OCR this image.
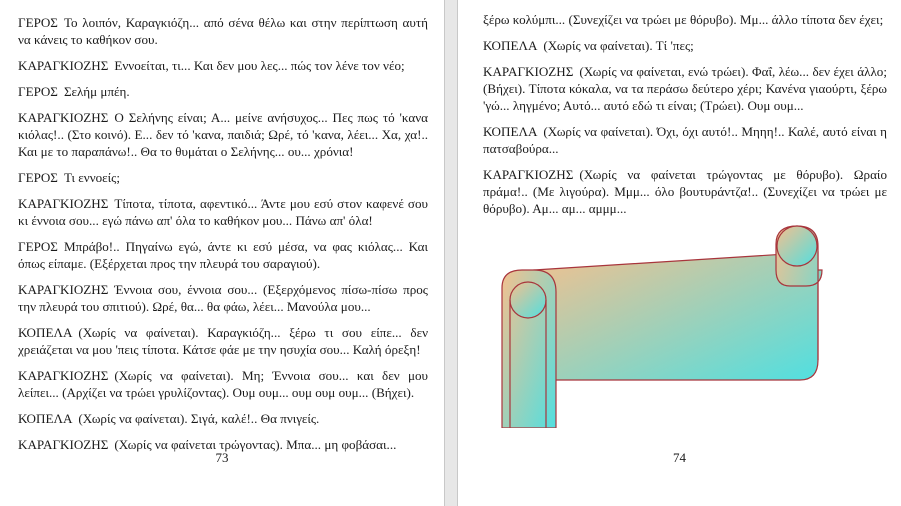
ΓΕΡΟΣ Το λοιπόν, Καραγκιόζη... από σένα θέλω και στην περίπτωση αυτή να κάνεις το καθήκον σου.

ΚΑΡΑΓΚΙΟΖΗΣ Εννοείται, τι... Και δεν μου λες... πώς τον λένε τον νέο;

ΓΕΡΟΣ Σελήμ μπέη.

ΚΑΡΑΓΚΙΟΖΗΣ Ο Σελήνης είναι; Α... μείνε ανήσυχος... Πες πως τό 'κανα κιόλας!.. (Στο κοινό). Ε... δεν τό 'κανα, παιδιά; Ωρέ, τό 'κανα, λέει... Χα, χα!.. Και με το παραπάνω!.. Θα το θυμάται ο Σελήνης... ου... χρόνια!

ΓΕΡΟΣ Τι εννοείς;

ΚΑΡΑΓΚΙΟΖΗΣ Τίποτα, τίποτα, αφεντικό... Άντε μου εσύ στον καφενέ σου κι έννοια σου... εγώ πάνω απ' όλα το καθήκον μου... Πάνω απ' όλα!

ΓΕΡΟΣ Μπράβο!.. Πηγαίνω εγώ, άντε κι εσύ μέσα, να φας κιόλας... Και όπως είπαμε. (Εξέρχεται προς την πλευρά του σαραγιού).

ΚΑΡΑΓΚΙΟΖΗΣ Έννοια σου, έννοια σου... (Εξερχόμενος πίσω-πίσω προς την πλευρά του σπιτιού). Ωρέ, θα... θα φάω, λέει... Μανούλα μου...

ΚΟΠΕΛΑ (Χωρίς να φαίνεται). Καραγκιόζη... ξέρω τι σου είπε... δεν χρειάζεται να μου 'πεις τίποτα. Κάτσε φάε με την ησυχία σου... Καλή όρεξη!

ΚΑΡΑΓΚΙΟΖΗΣ (Χωρίς να φαίνεται). Μη; Έννοια σου... και δεν μου λείπει... (Αρχίζει να τρώει γρυλίζοντας). Ουμ ουμ... ουμ ουμ ουμ... (Βήχει).

ΚΟΠΕΛΑ (Χωρίς να φαίνεται). Σιγά, καλέ!.. Θα πνιγείς.

ΚΑΡΑΓΚΙΟΖΗΣ (Χωρίς να φαίνεται τρώγοντας). Μπα... μη φοβάσαι...

73

ξέρω κολύμπι... (Συνεχίζει να τρώει με θόρυβο). Μμ... άλλο τίποτα δεν έχει;

ΚΟΠΕΛΑ (Χωρίς να φαίνεται). Τί 'πες;

ΚΑΡΑΓΚΙΟΖΗΣ (Χωρίς να φαίνεται, ενώ τρώει). Φαΐ, λέω... δεν έχει άλλο; (Βήχει). Τίποτα κόκαλα, να τα περάσω δεύτερο χέρι; Κανένα γιαούρτι, ξέρω 'γώ... ληγμένο; Αυτό... αυτό εδώ τι είναι; (Τρώει). Ουμ ουμ...

ΚΟΠΕΛΑ (Χωρίς να φαίνεται). Όχι, όχι αυτό!.. Μηηη!.. Καλέ, αυτό είναι η πατσαβούρα...

ΚΑΡΑΓΚΙΟΖΗΣ (Χωρίς να φαίνεται τρώγοντας με θόρυβο). Ωραίο πράμα!.. (Με λιγούρα). Μμμ... όλο βουτυράντζα!.. (Συνεχίζει να τρώει με θόρυβο). Αμ... αμ... αμμμ...

74
